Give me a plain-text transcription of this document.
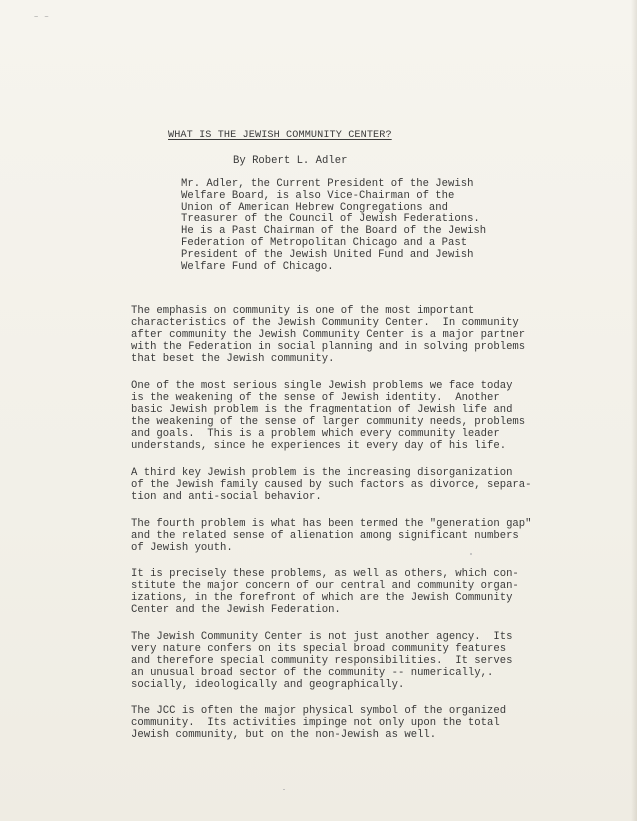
~ ~
WHAT IS THE JEWISH COMMUNITY CENTER?
By Robert L. Adler
Mr. Adler, the Current President of the Jewish
Welfare Board, is also Vice-Chairman of the
Union of American Hebrew Congregations and
Treasurer of the Council of Jewish Federations.
He is a Past Chairman of the Board of the Jewish
Federation of Metropolitan Chicago and a Past
President of the Jewish United Fund and Jewish
Welfare Fund of Chicago.
The emphasis on community is one of the most important
characteristics of the Jewish Community Center.  In community
after community the Jewish Community Center is a major partner
with the Federation in social planning and in solving problems
that beset the Jewish community.
One of the most serious single Jewish problems we face today
is the weakening of the sense of Jewish identity.  Another
basic Jewish problem is the fragmentation of Jewish life and
the weakening of the sense of larger community needs, problems
and goals.  This is a problem which every community leader
understands, since he experiences it every day of his life.
A third key Jewish problem is the increasing disorganization
of the Jewish family caused by such factors as divorce, separa-
tion and anti-social behavior.
The fourth problem is what has been termed the "generation gap"
and the related sense of alienation among significant numbers
of Jewish youth.
It is precisely these problems, as well as others, which con-
stitute the major concern of our central and community organ-
izations, in the forefront of which are the Jewish Community
Center and the Jewish Federation.
The Jewish Community Center is not just another agency.  Its
very nature confers on its special broad community features
and therefore special community responsibilities.  It serves
an unusual broad sector of the community -- numerically,.
socially, ideologically and geographically.
The JCC is often the major physical symbol of the organized
community.  Its activities impinge not only upon the total
Jewish community, but on the non-Jewish as well.
